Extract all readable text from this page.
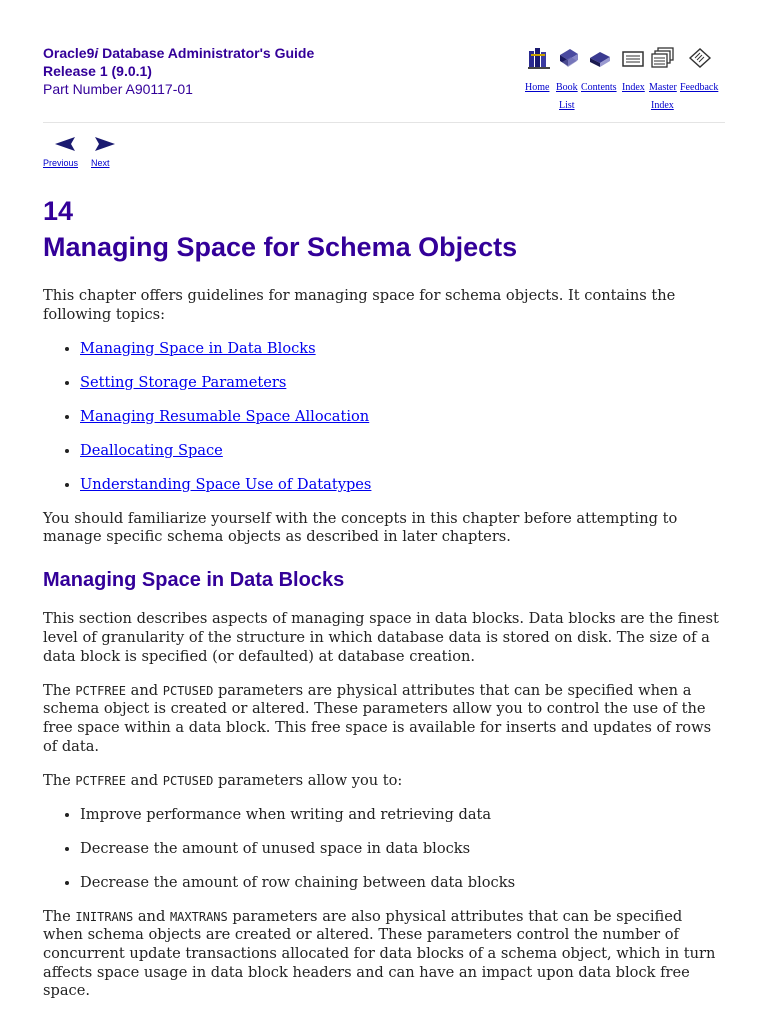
Oracle9i Database Administrator's Guide
Release 1 (9.0.1)
Part Number A90117-01	Home Book
List
Contents Index Master
Index
Feedback
Previous	Next
14
Managing Space for Schema Objects

This chapter offers guidelines for managing space for schema objects. It contains the following topics:

• Managing Space in Data Blocks
• Setting Storage Parameters
• Managing Resumable Space Allocation
• Deallocating Space
• Understanding Space Use of Datatypes

You should familiarize yourself with the concepts in this chapter before attempting to manage specific schema objects as described in later chapters.

Managing Space in Data Blocks

This section describes aspects of managing space in data blocks. Data blocks are the finest level of granularity of the structure in which database data is stored on disk. The size of a data block is specified (or defaulted) at database creation.

The PCTFREE and PCTUSED parameters are physical attributes that can be specified when a schema object is created or altered. These parameters allow you to control the use of the free space within a data block. This free space is available for inserts and updates of rows of data.

The PCTFREE and PCTUSED parameters allow you to:

• Improve performance when writing and retrieving data
• Decrease the amount of unused space in data blocks
• Decrease the amount of row chaining between data blocks

The INITRANS and MAXTRANS parameters are also physical attributes that can be specified when schema objects are created or altered. These parameters control the number of concurrent update transactions allocated for data blocks of a schema object, which in turn affects space usage in data block headers and can have an impact upon data block free space.
